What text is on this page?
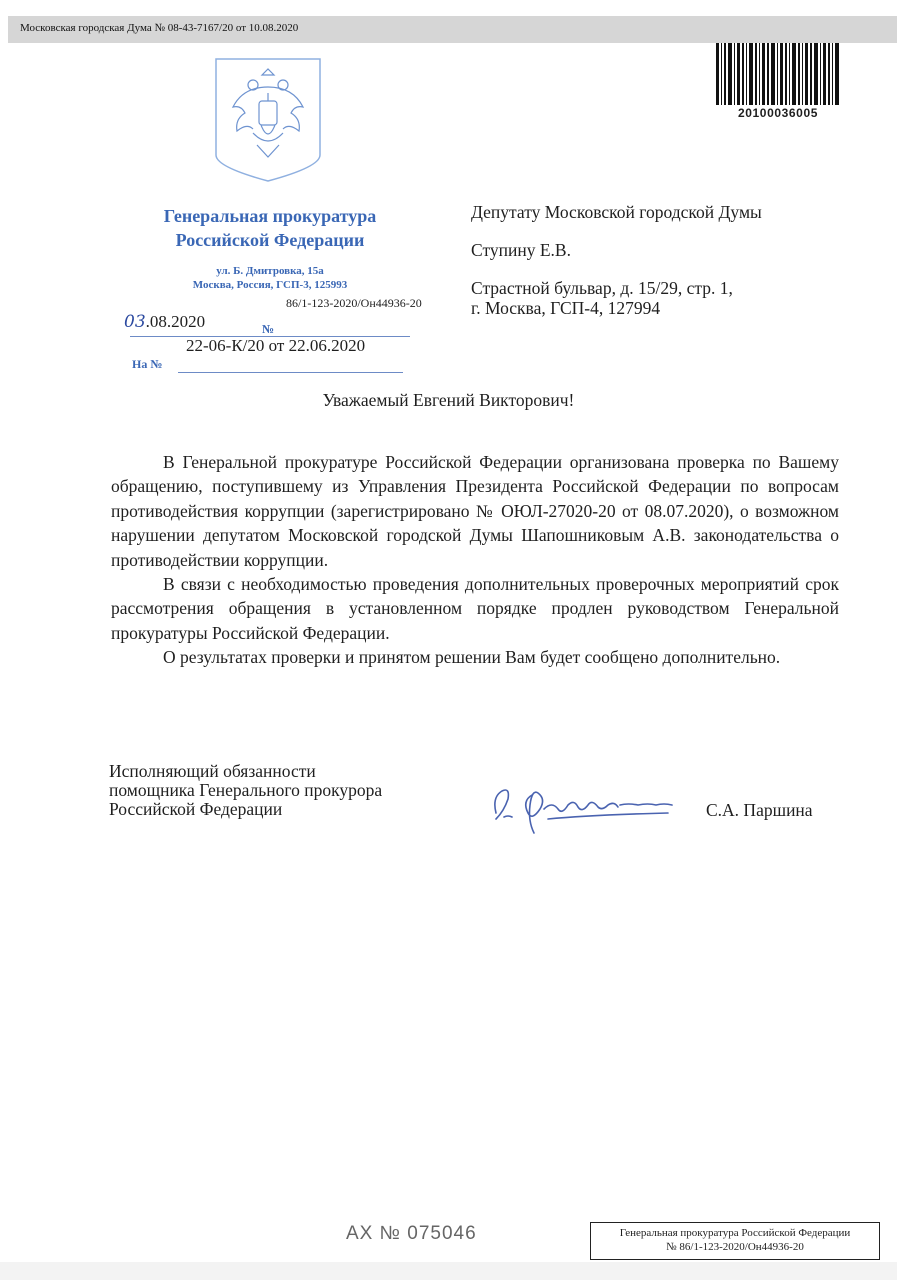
Московская городская Дума № 08-43-7167/20 от 10.08.2020
20100036005
Генеральная прокуратура
Российской Федерации
ул. Б. Дмитровка, 15а
Москва, Россия, ГСП-3, 125993
86/1-123-2020/Он44936-20
03.08.2020	№
22-06-К/20 от 22.06.2020
На №
Депутату Московской городской Думы
Ступину Е.В.
Страстной бульвар, д. 15/29, стр. 1,
г. Москва, ГСП-4, 127994
Уважаемый Евгений Викторович!

В Генеральной прокуратуре Российской Федерации организована проверка по Вашему обращению, поступившему из Управления Президента Российской Федерации по вопросам противодействия коррупции (зарегистрировано № ОЮЛ-27020-20 от 08.07.2020), о возможном нарушении депутатом Московской городской Думы Шапошниковым А.В. законодательства о противодействии коррупции.

В связи с необходимостью проведения дополнительных проверочных мероприятий срок рассмотрения обращения в установленном порядке продлен руководством Генеральной прокуратуры Российской Федерации.

О результатах проверки и принятом решении Вам будет сообщено дополнительно.

Исполняющий обязанности
помощника Генерального прокурора
Российской Федерации	С.А. Паршина
АХ № 075046	Генеральная прокуратура Российской Федерации
№ 86/1-123-2020/Он44936-20
